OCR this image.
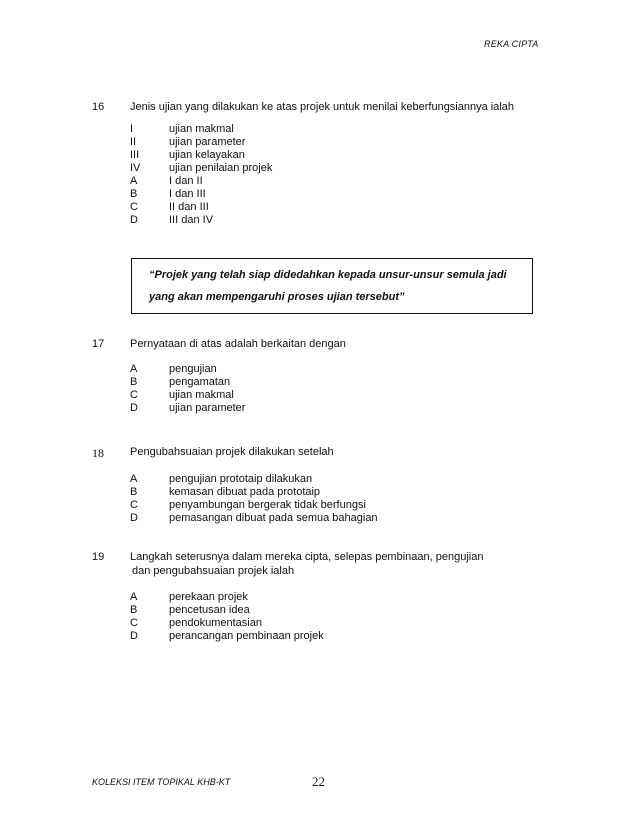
REKA CIPTA
16 Jenis ujian yang dilakukan ke atas projek untuk menilai keberfungsiannya ialah
I	ujian makmal
II	ujian parameter
III	ujian kelayakan
IV	ujian penilaian projek
A	I dan II
B	I dan III
C	II dan III
D	III dan IV
“Projek yang telah siap didedahkan kepada unsur-unsur semula jadi
yang akan mempengaruhi proses ujian tersebut”
17 Pernyataan di atas adalah berkaitan dengan
A	pengujian
B	pengamatan
C	ujian makmal
D	ujian parameter
18 Pengubahsuaian projek dilakukan setelah
A	pengujian prototaip dilakukan
B	kemasan dibuat pada prototaip
C	penyambungan bergerak tidak berfungsi
D	pemasangan dibuat pada semua bahagian
19 Langkah seterusnya dalam mereka cipta, selepas pembinaan, pengujian
dan pengubahsuaian projek ialah
A	perekaan projek
B	pencetusan idea
C	pendokumentasian
D	perancangan pembinaan projek
KOLEKSI ITEM TOPIKAL KHB-KT	22
